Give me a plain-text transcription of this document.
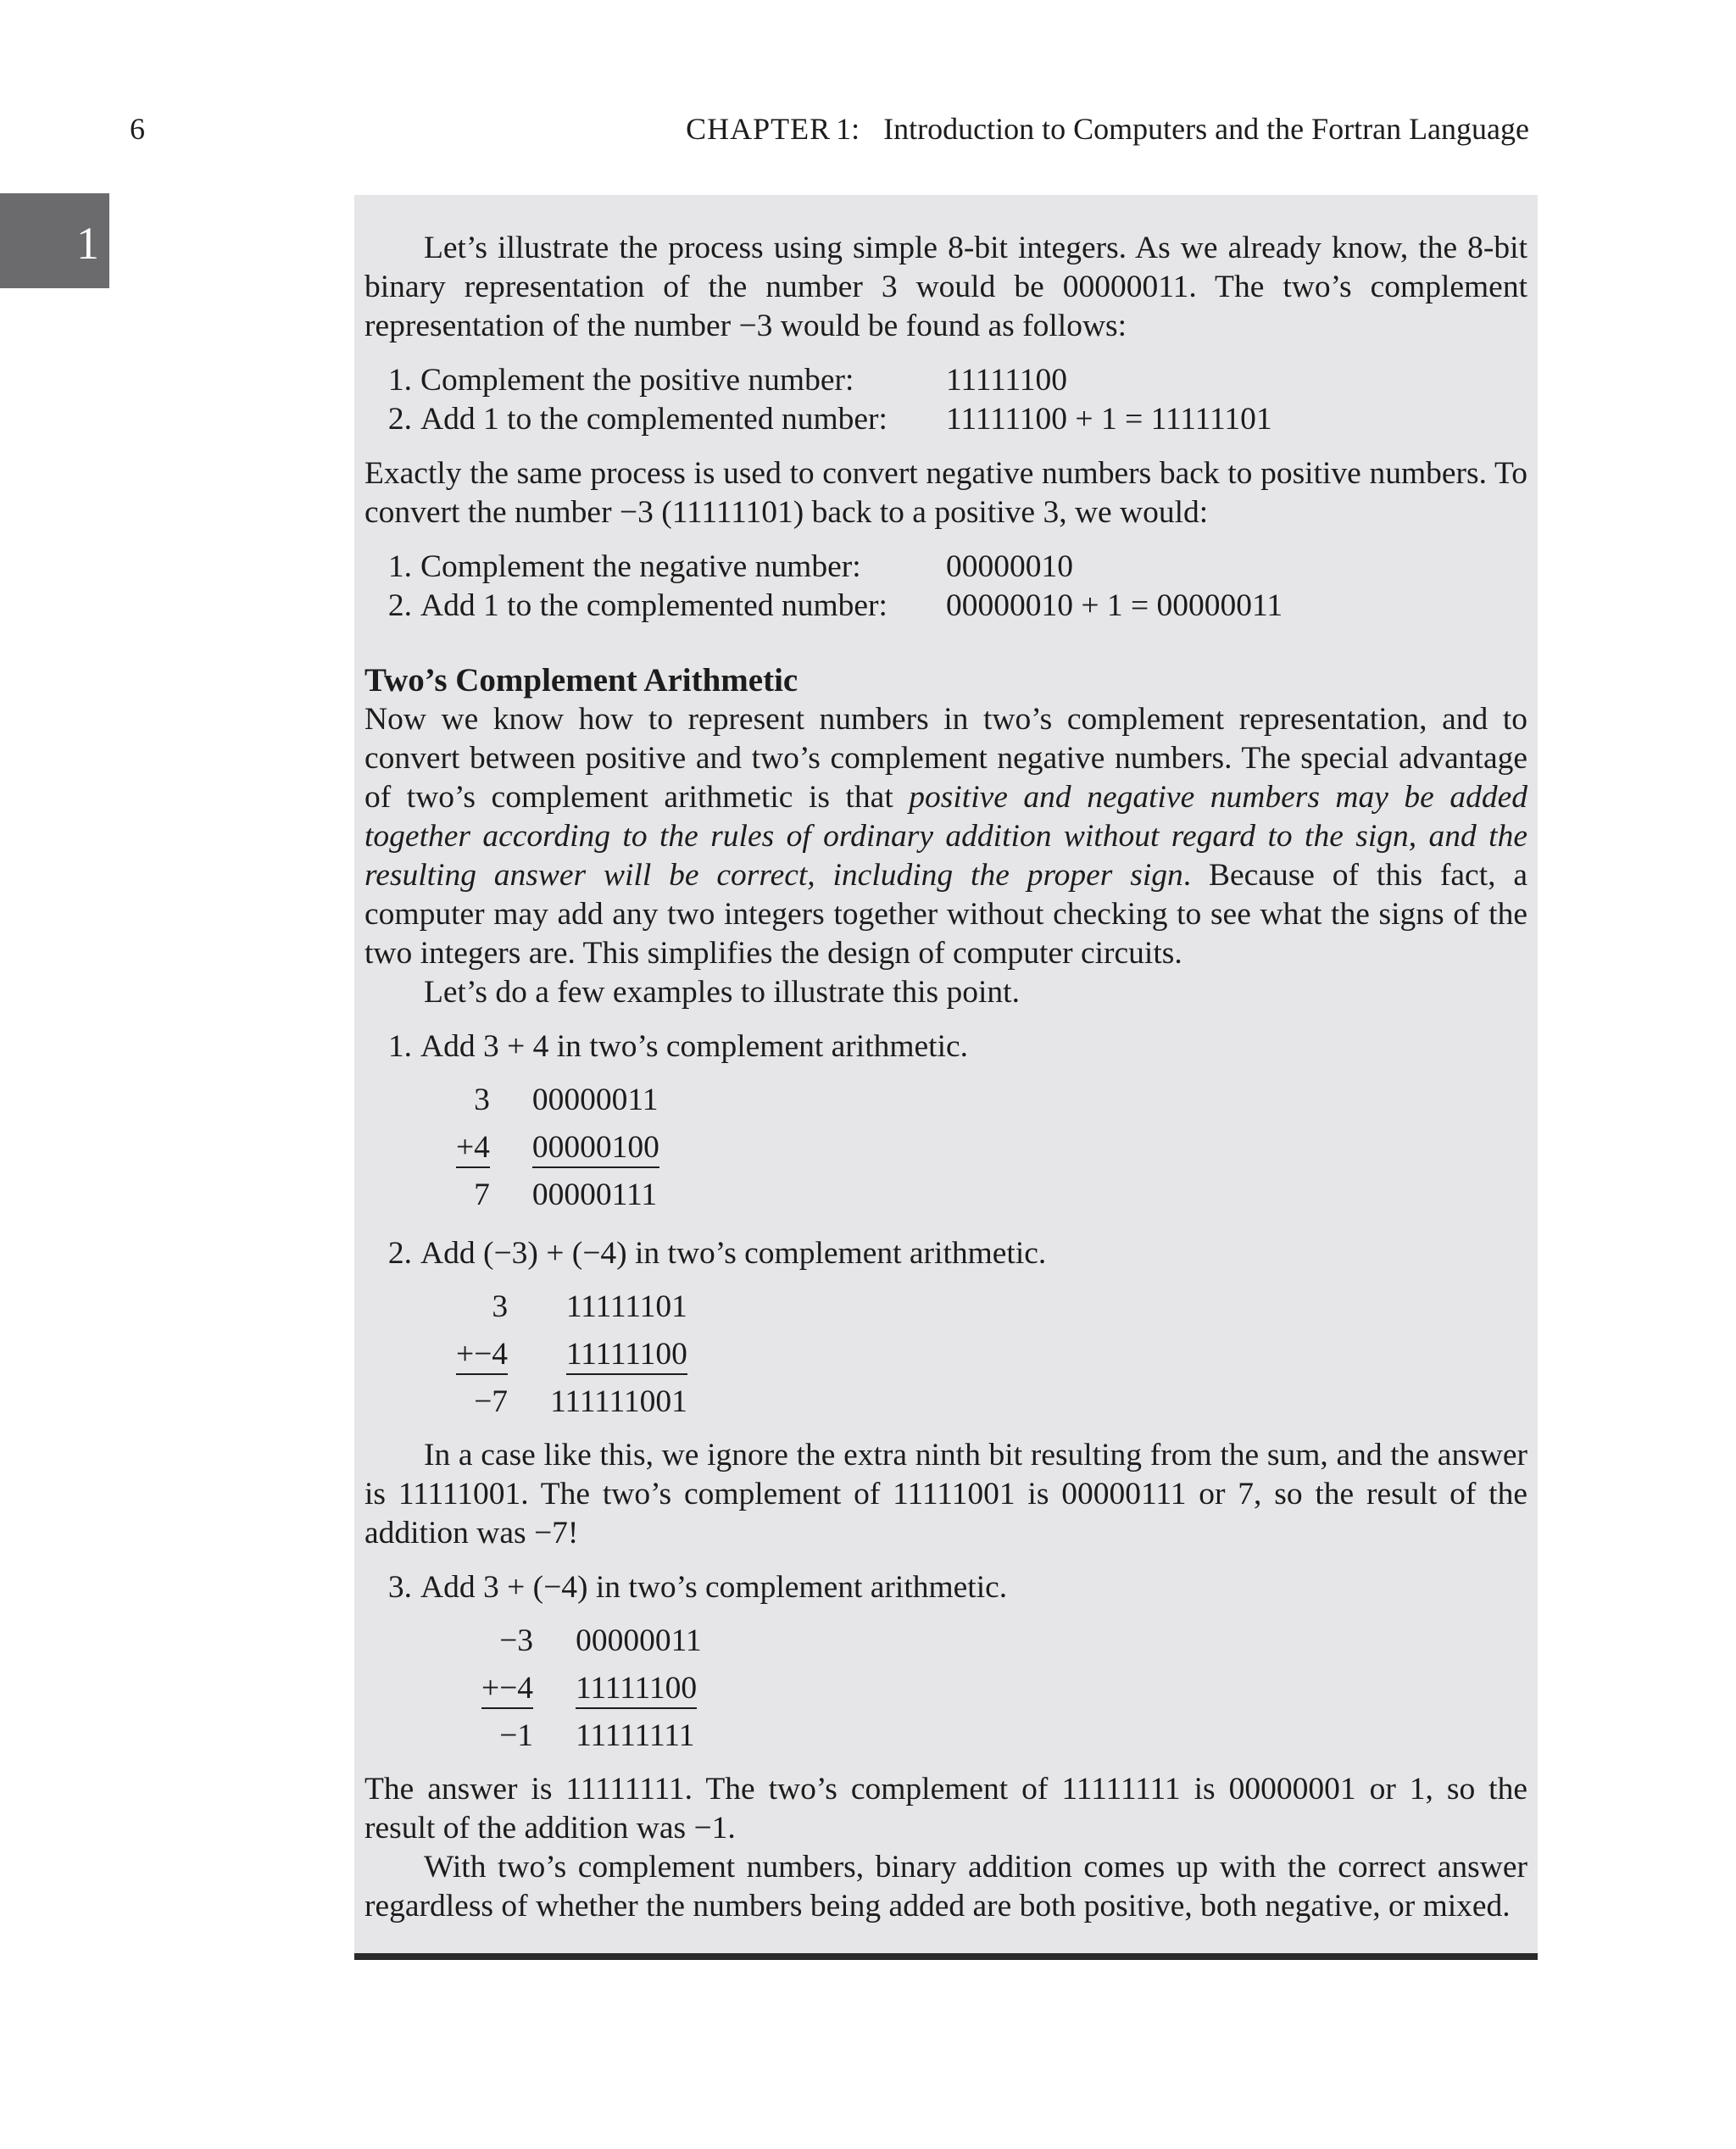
6	CHAPTER 1: Introduction to Computers and the Fortran Language
1	Let’s illustrate the process using simple 8-bit integers. As we already know, the 8-bit binary representation of the number 3 would be 00000011. The two’s complement representation of the number −3 would be found as follows:

1. Complement the positive number:	11111100
2. Add 1 to the complemented number:	11111100 + 1 = 11111101

Exactly the same process is used to convert negative numbers back to positive numbers. To convert the number −3 (11111101) back to a positive 3, we would:

1. Complement the negative number:	00000010
2. Add 1 to the complemented number:	00000010 + 1 = 00000011
Two’s Complement Arithmetic

Now we know how to represent numbers in two’s complement representation, and to convert between positive and two’s complement negative numbers. The special advantage of two’s complement arithmetic is that positive and negative numbers may be added together according to the rules of ordinary addition without regard to the sign, and the resulting answer will be correct, including the proper sign. Because of this fact, a computer may add any two integers together without checking to see what the signs of the two integers are. This simplifies the design of computer circuits.

Let’s do a few examples to illustrate this point.

1. Add 3 + 4 in two’s complement arithmetic.
3		00000011
+4		00000100
7		00000111
2. Add (−3) + (−4) in two’s complement arithmetic.
3		11111101
+−4		11111100
−7		111111001

In a case like this, we ignore the extra ninth bit resulting from the sum, and the answer is 11111001. The two’s complement of 11111001 is 00000111 or 7, so the result of the addition was −7!

3. Add 3 + (−4) in two’s complement arithmetic.
−3		00000011
+−4		11111100
−1		11111111

The answer is 11111111. The two’s complement of 11111111 is 00000001 or 1, so the result of the addition was −1.

With two’s complement numbers, binary addition comes up with the correct answer regardless of whether the numbers being added are both positive, both negative, or mixed.
